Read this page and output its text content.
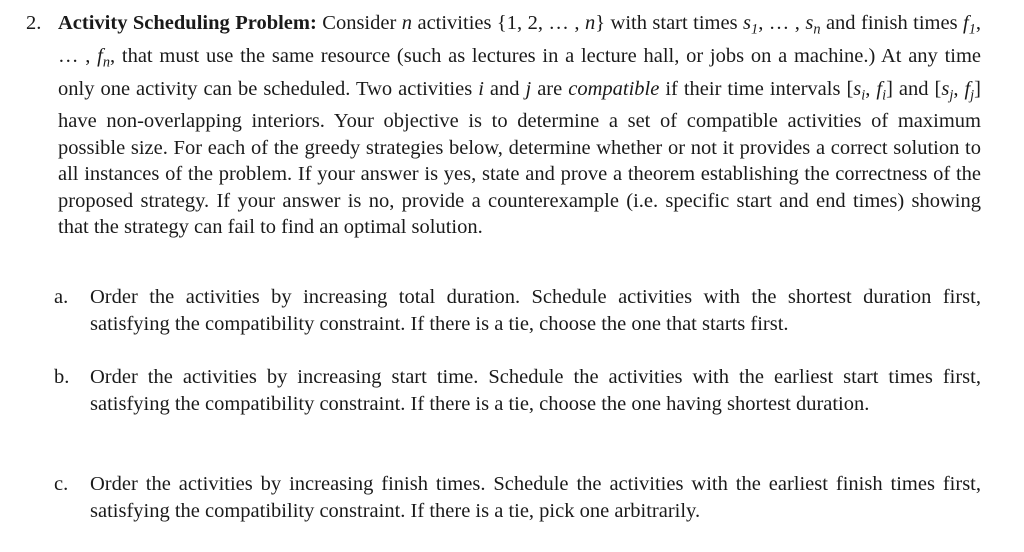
2. Activity Scheduling Problem: Consider n activities {1, 2, … , n} with start times $s_1$, … , $s_n$ and finish times $f_1$, … , $f_n$, that must use the same resource (such as lectures in a lecture hall, or jobs on a machine.) At any time only one activity can be scheduled. Two activities i and j are compatible if their time intervals [$s_i$, $f_i$] and [$s_j$, $f_j$] have non-overlapping interiors. Your objective is to determine a set of compatible activities of maximum possible size. For each of the greedy strategies below, determine whether or not it provides a correct solution to all instances of the problem. If your answer is yes, state and prove a theorem establishing the correctness of the proposed strategy. If your answer is no, provide a counterexample (i.e. specific start and end times) showing that the strategy can fail to find an optimal solution.
a. Order the activities by increasing total duration. Schedule activities with the shortest duration first, satisfying the compatibility constraint. If there is a tie, choose the one that starts first.
b. Order the activities by increasing start time. Schedule the activities with the earliest start times first, satisfying the compatibility constraint. If there is a tie, choose the one having shortest duration.
c. Order the activities by increasing finish times. Schedule the activities with the earliest finish times first, satisfying the compatibility constraint. If there is a tie, pick one arbitrarily.
